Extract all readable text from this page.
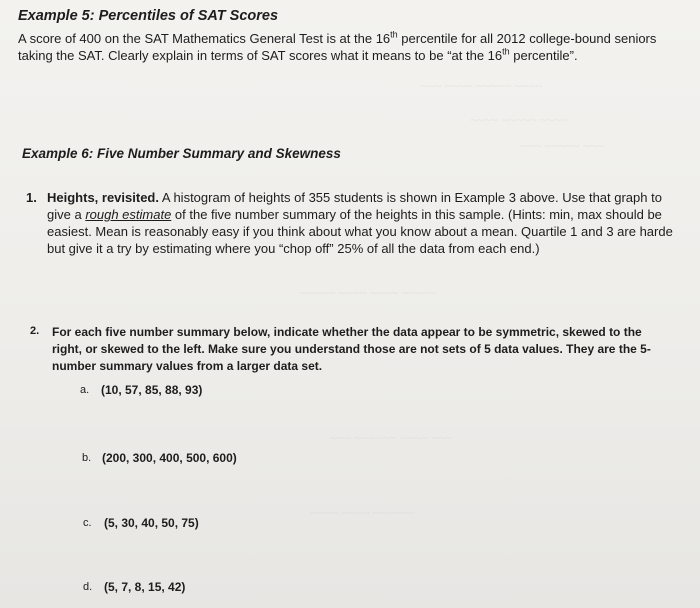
~~~ ~~~~ ~~~~~ ~~~~
~~~~ ~~~~~ ~~~~
~~~ ~~~~~ ~~~
~~~~~ ~~~~ ~~~~ ~~~~~
~~~ ~~~~~~ ~~~~ ~~~
~~~~ ~~~~ ~~~~~~
Example 5: Percentiles of SAT Scores
A score of 400 on the SAT Mathematics General Test is at the 16th percentile for all 2012 college-bound seniors
taking the SAT. Clearly explain in terms of SAT scores what it means to be “at the 16th percentile”.
Example 6: Five Number Summary and Skewness
1. Heights, revisited. A histogram of heights of 355 students is shown in Example 3 above. Use that graph to
give a rough estimate of the five number summary of the heights in this sample. (Hints: min, max should be
easiest. Mean is reasonably easy if you think about what you know about a mean. Quartile 1 and 3 are harde
but give it a try by estimating where you “chop off” 25% of all the data from each end.)
2. For each five number summary below, indicate whether the data appear to be symmetric, skewed to the
right, or skewed to the left. Make sure you understand those are not sets of 5 data values. They are the 5-
number summary values from a larger data set.
a. (10, 57, 85, 88, 93)
b. (200, 300, 400, 500, 600)
c. (5, 30, 40, 50, 75)
d. (5, 7, 8, 15, 42)
